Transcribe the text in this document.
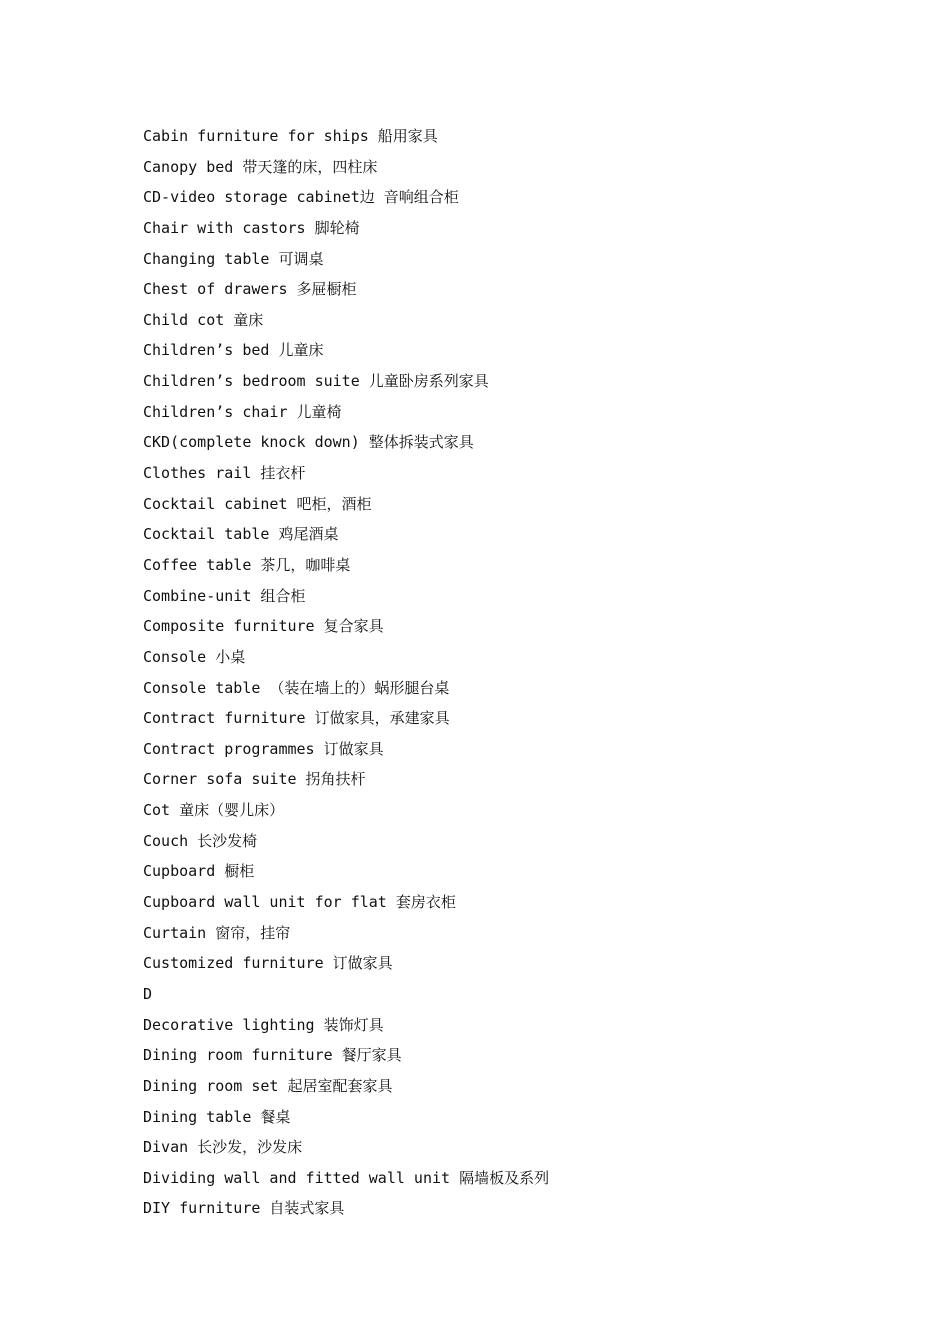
Cabin furniture for ships 船用家具
Canopy bed 带天篷的床，四柱床
CD-video storage cabinet边 音响组合柜
Chair with castors 脚轮椅
Changing table 可调桌
Chest of drawers 多屉橱柜
Child cot 童床
Children’s bed 儿童床
Children’s bedroom suite 儿童卧房系列家具
Children’s chair 儿童椅
CKD(complete knock down) 整体拆装式家具
Clothes rail 挂衣杆
Cocktail cabinet 吧柜，酒柜
Cocktail table 鸡尾酒桌
Coffee table 茶几，咖啡桌
Combine-unit 组合柜
Composite furniture 复合家具
Console 小桌
Console table （装在墙上的）蜗形腿台桌
Contract furniture 订做家具，承建家具
Contract programmes 订做家具
Corner sofa suite 拐角扶杆
Cot 童床（婴儿床）
Couch 长沙发椅
Cupboard 橱柜
Cupboard wall unit for flat 套房衣柜
Curtain 窗帘，挂帘
Customized furniture 订做家具
D
Decorative lighting 装饰灯具
Dining room furniture 餐厅家具
Dining room set 起居室配套家具
Dining table 餐桌
Divan 长沙发，沙发床
Dividing wall and fitted wall unit 隔墙板及系列
DIY furniture 自装式家具
